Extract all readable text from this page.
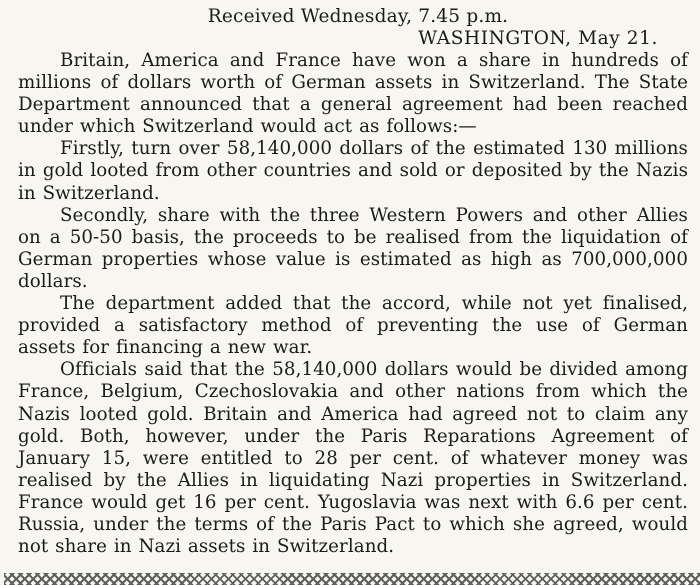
Received Wednesday, 7.45 p.m.

WASHINGTON, May 21.

Britain, America and France have won a share in hundreds of millions of dollars worth of German assets in Switzerland. The State Department announced that a general agreement had been reached under which Switzerland would act as follows:—

Firstly, turn over 58,140,000 dollars of the estimated 130 millions in gold looted from other countries and sold or deposited by the Nazis in Switzerland.

Secondly, share with the three Western Powers and other Allies on a 50-50 basis, the proceeds to be realised from the liquidation of German properties whose value is estimated as high as 700,000,000 dollars.

The department added that the accord, while not yet finalised, provided a satisfactory method of preventing the use of German assets for financing a new war.

Officials said that the 58,140,000 dollars would be divided among France, Belgium, Czechoslovakia and other nations from which the Nazis looted gold. Britain and America had agreed not to claim any gold. Both, however, under the Paris Reparations Agreement of January 15, were entitled to 28 per cent. of whatever money was realised by the Allies in liquidating Nazi properties in Switzerland. France would get 16 per cent. Yugoslavia was next with 6.6 per cent. Russia, under the terms of the Paris Pact to which she agreed, would not share in Nazi assets in Switzerland.
